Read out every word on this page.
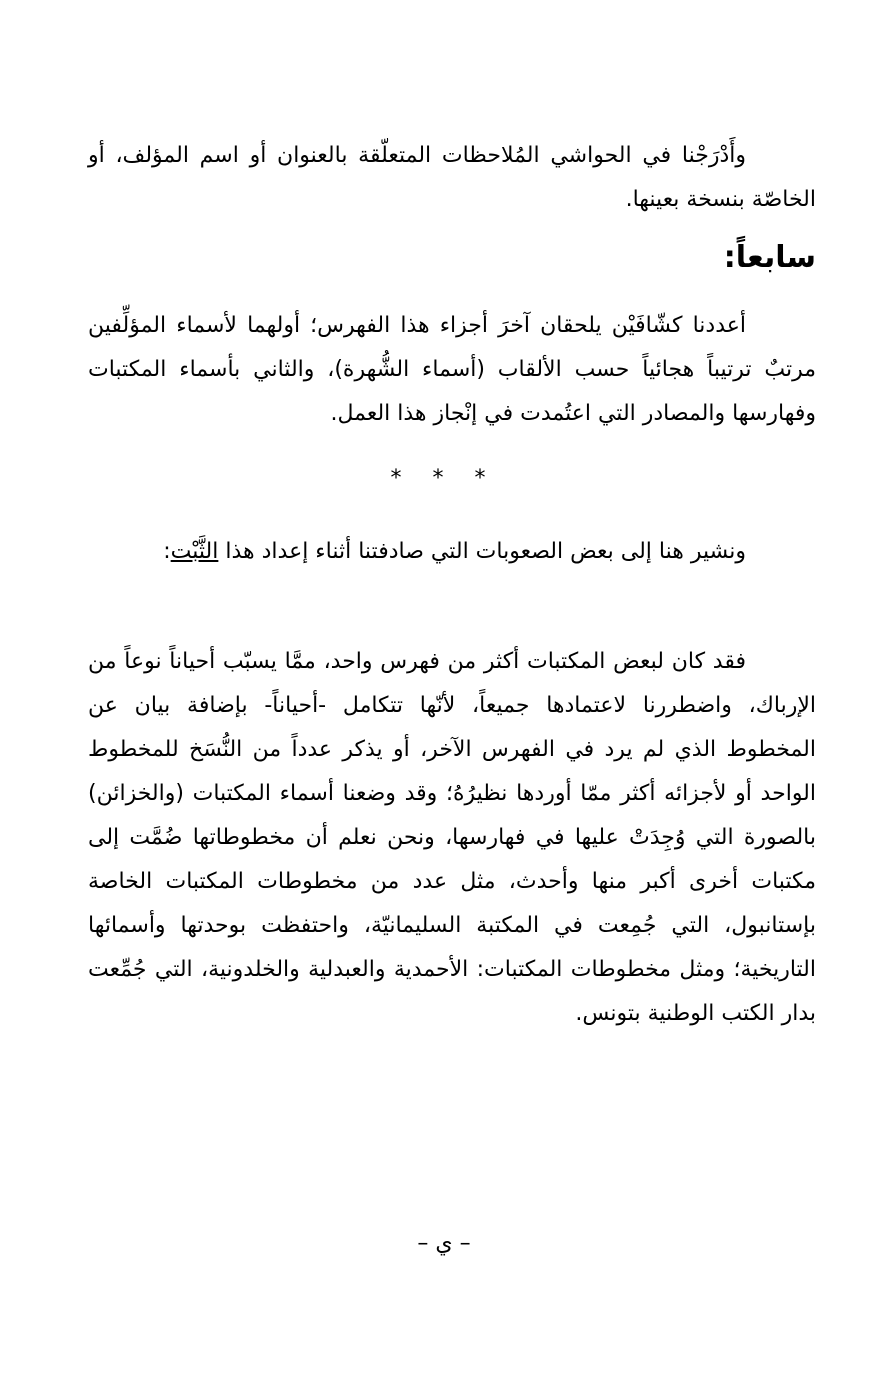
وأَدْرَجْنا في الحواشي المُلاحظات المتعلّقة بالعنوان أو اسم المؤلف، أو الخاصّة بنسخة بعينها.

سابعاً:

أعددنا كشّافَيْن يلحقان آخرَ أجزاء هذا الفهرس؛ أولهما لأسماء المؤلِّفين مرتبٌ ترتيباً هجائياً حسب الألقاب (أسماء الشُّهرة)، والثاني بأسماء المكتبات وفهارسها والمصادر التي اعتُمدت في إنْجاز هذا العمل.

* * *

ونشير هنا إلى بعض الصعوبات التي صادفتنا أثناء إعداد هذا الثَّبْت:

فقد كان لبعض المكتبات أكثر من فهرس واحد، ممَّا يسبّب أحياناً نوعاً من الإرباك، واضطررنا لاعتمادها جميعاً، لأنّها تتكامل -أحياناً- بإضافة بيان عن المخطوط الذي لم يرد في الفهرس الآخر، أو يذكر عدداً من النُّسَخ للمخطوط الواحد أو لأجزائه أكثر ممّا أوردها نظيرُهُ؛ وقد وضعنا أسماء المكتبات (والخزائن) بالصورة التي وُجِدَتْ عليها في فهارسها، ونحن نعلم أن مخطوطاتها ضُمَّت إلى مكتبات أخرى أكبر منها وأحدث، مثل عدد من مخطوطات المكتبات الخاصة بإستانبول، التي جُمِعت في المكتبة السليمانيّة، واحتفظت بوحدتها وأسمائها التاريخية؛ ومثل مخطوطات المكتبات: الأحمدية والعبدلية والخلدونية، التي جُمِّعت بدار الكتب الوطنية بتونس.

– ي –
